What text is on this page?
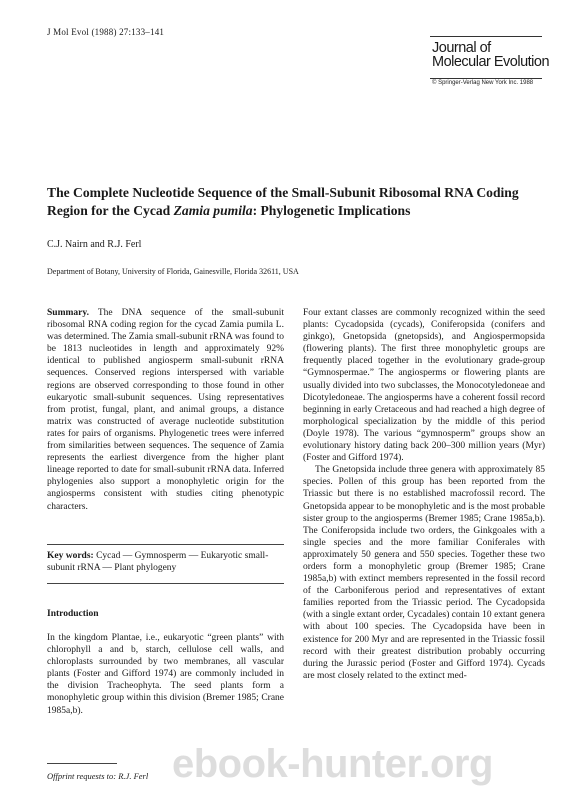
J Mol Evol (1988) 27:133–141
Journal of
Molecular Evolution
© Springer-Verlag New York Inc. 1988
The Complete Nucleotide Sequence of the Small-Subunit Ribosomal RNA Coding Region for the Cycad Zamia pumila: Phylogenetic Implications
C.J. Nairn and R.J. Ferl
Department of Botany, University of Florida, Gainesville, Florida 32611, USA

Summary. The DNA sequence of the small-subunit ribosomal RNA coding region for the cycad Zamia pumila L. was determined. The Zamia small-subunit rRNA was found to be 1813 nucleotides in length and approximately 92% identical to published angiosperm small-subunit rRNA sequences. Conserved regions interspersed with variable regions are observed corresponding to those found in other eukaryotic small-subunit sequences. Using representatives from protist, fungal, plant, and animal groups, a distance matrix was constructed of average nucleotide substitution rates for pairs of organisms. Phylogenetic trees were inferred from similarities between sequences. The sequence of Zamia represents the earliest divergence from the higher plant lineage reported to date for small-subunit rRNA data. Inferred phylogenies also support a monophyletic origin for the angiosperms consistent with studies citing phenotypic characters.

Key words: Cycad — Gymnosperm — Eukaryotic small-subunit rRNA — Plant phylogeny
Introduction

In the kingdom Plantae, i.e., eukaryotic “green plants” with chlorophyll a and b, starch, cellulose cell walls, and chloroplasts surrounded by two membranes, all vascular plants (Foster and Gifford 1974) are commonly included in the division Tracheophyta. The seed plants form a monophyletic group within this division (Bremer 1985; Crane 1985a,b).

Four extant classes are commonly recognized within the seed plants: Cycadopsida (cycads), Coniferopsida (conifers and ginkgo), Gnetopsida (gnetopsids), and Angiospermopsida (flowering plants). The first three monophyletic groups are frequently placed together in the evolutionary grade-group “Gymnospermae.” The angiosperms or flowering plants are usually divided into two subclasses, the Monocotyledoneae and Dicotyledoneae. The angiosperms have a coherent fossil record beginning in early Cretaceous and had reached a high degree of morphological specialization by the middle of this period (Doyle 1978). The various “gymnosperm” groups show an evolutionary history dating back 200–300 million years (Myr) (Foster and Gifford 1974).

The Gnetopsida include three genera with approximately 85 species. Pollen of this group has been reported from the Triassic but there is no established macrofossil record. The Gnetopsida appear to be monophyletic and is the most probable sister group to the angiosperms (Bremer 1985; Crane 1985a,b). The Coniferopsida include two orders, the Ginkgoales with a single species and the more familiar Coniferales with approximately 50 genera and 550 species. Together these two orders form a monophyletic group (Bremer 1985; Crane 1985a,b) with extinct members represented in the fossil record of the Carboniferous period and representatives of extant families reported from the Triassic period. The Cycadopsida (with a single extant order, Cycadales) contain 10 extant genera with about 100 species. The Cycadopsida have been in existence for 200 Myr and are represented in the Triassic fossil record with their greatest distribution probably occurring during the Jurassic period (Foster and Gifford 1974). Cycads are most closely related to the extinct med-

Offprint requests to: R.J. Ferl ebook-hunter.org
